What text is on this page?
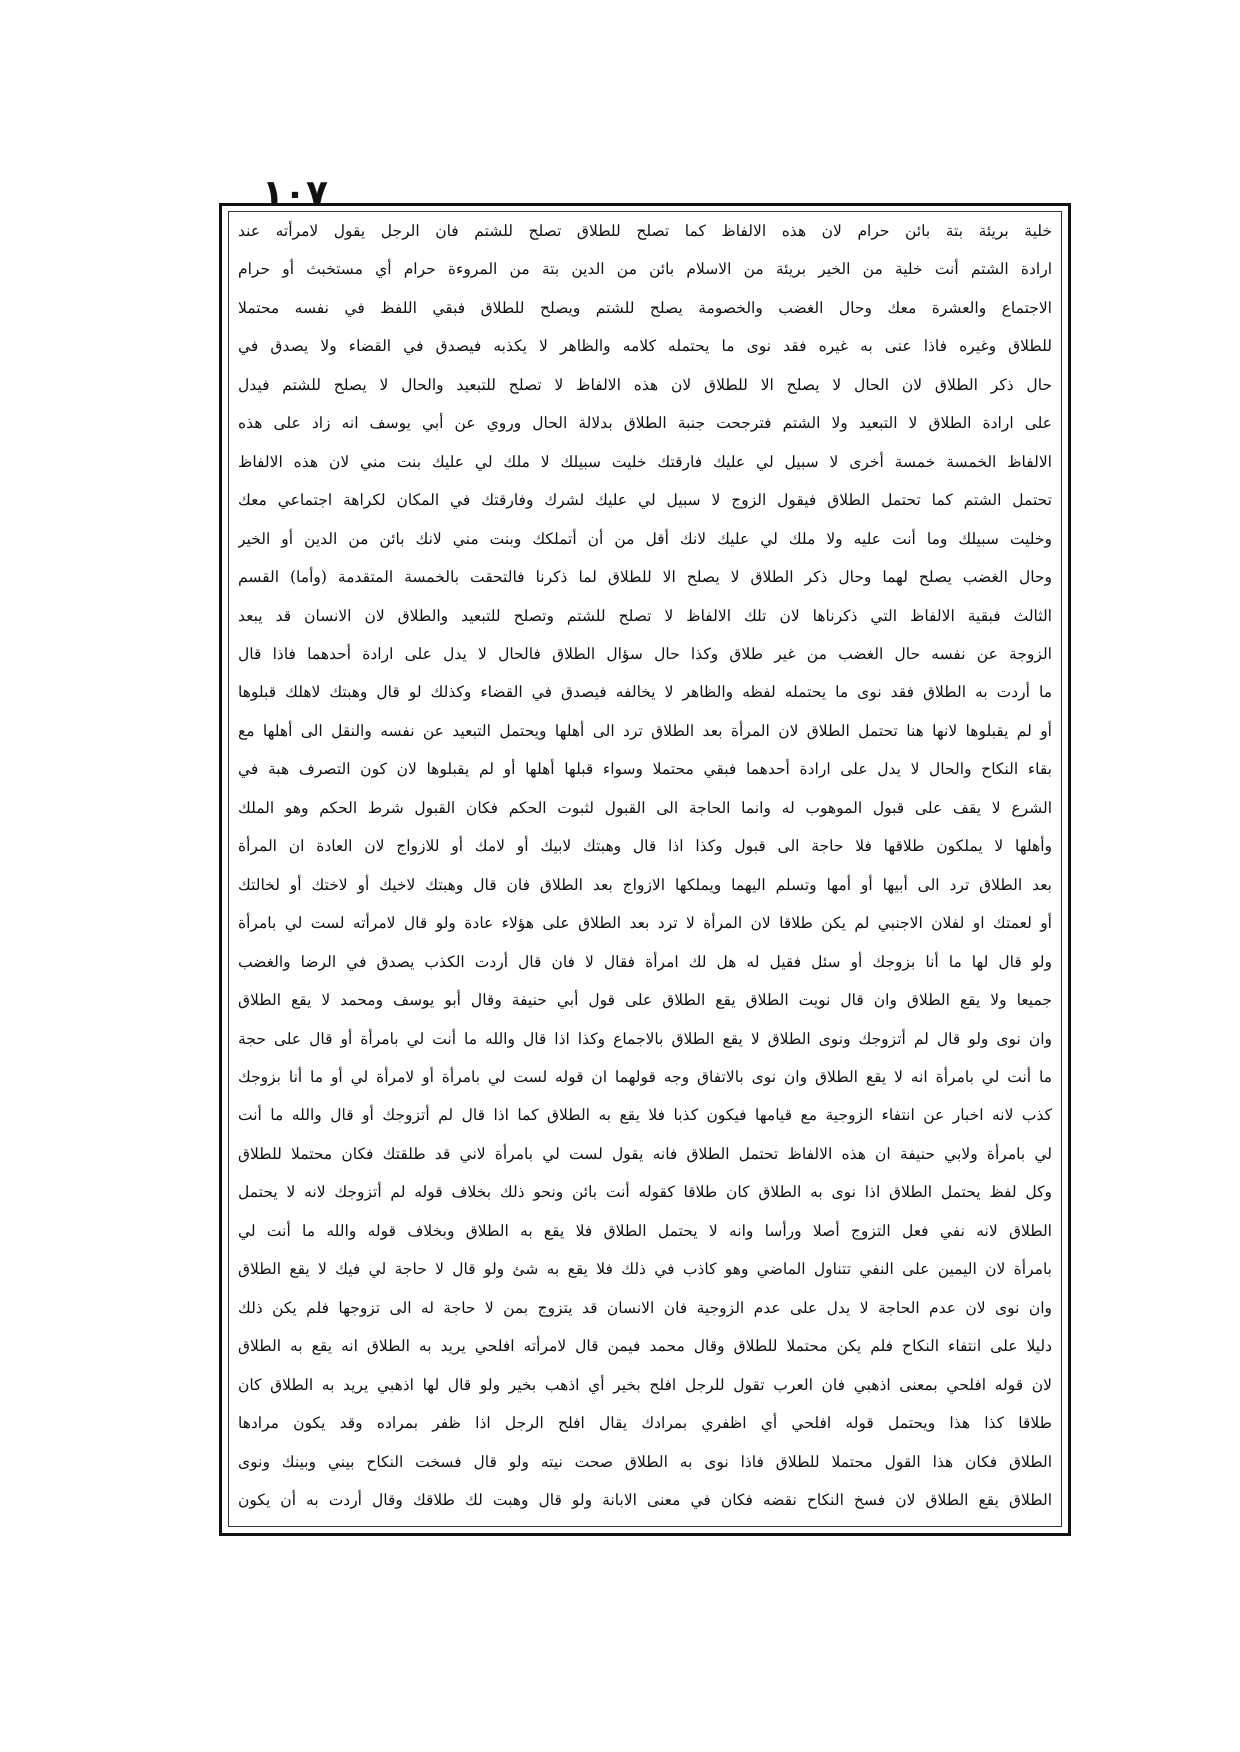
١٠٧
خلية بريئة بتة بائن حرام لان هذه الالفاظ كما تصلح للطلاق تصلح للشتم فان الرجل يقول لامرأته عند
ارادة الشتم أنت خلية من الخير بريئة من الاسلام بائن من الدين بتة من المروءة حرام أي مستخبث أو حرام
الاجتماع والعشرة معك وحال الغضب والخصومة يصلح للشتم ويصلح للطلاق فبقي اللفظ في نفسه محتملا
للطلاق وغيره فاذا عنى به غيره فقد نوى ما يحتمله كلامه والظاهر لا يكذبه فيصدق في القضاء ولا يصدق في
حال ذكر الطلاق لان الحال لا يصلح الا للطلاق لان هذه الالفاظ لا تصلح للتبعيد والحال لا يصلح للشتم فيدل
على ارادة الطلاق لا التبعيد ولا الشتم فترجحت جنبة الطلاق بدلالة الحال وروي عن أبي يوسف انه زاد على هذه
الالفاظ الخمسة خمسة أخرى لا سبيل لي عليك فارقتك خليت سبيلك لا ملك لي عليك بنت مني لان هذه الالفاظ
تحتمل الشتم كما تحتمل الطلاق فيقول الزوج لا سبيل لي عليك لشرك وفارقتك في المكان لكراهة اجتماعي معك
وخليت سبيلك وما أنت عليه ولا ملك لي عليك لانك أقل من أن أتملكك وبنت مني لانك بائن من الدين أو الخير
وحال الغضب يصلح لهما وحال ذكر الطلاق لا يصلح الا للطلاق لما ذكرنا فالتحقت بالخمسة المتقدمة (وأما) القسم
الثالث فبقية الالفاظ التي ذكرناها لان تلك الالفاظ لا تصلح للشتم وتصلح للتبعيد والطلاق لان الانسان قد يبعد
الزوجة عن نفسه حال الغضب من غير طلاق وكذا حال سؤال الطلاق فالحال لا يدل على ارادة أحدهما فاذا قال
ما أردت به الطلاق فقد نوى ما يحتمله لفظه والظاهر لا يخالفه فيصدق في القضاء وكذلك لو قال وهبتك لاهلك قبلوها
أو لم يقبلوها لانها هنا تحتمل الطلاق لان المرأة بعد الطلاق ترد الى أهلها ويحتمل التبعيد عن نفسه والنقل الى أهلها مع
بقاء النكاح والحال لا يدل على ارادة أحدهما فبقي محتملا وسواء قبلها أهلها أو لم يقبلوها لان كون التصرف هبة في
الشرع لا يقف على قبول الموهوب له وانما الحاجة الى القبول لثبوت الحكم فكان القبول شرط الحكم وهو الملك
وأهلها لا يملكون طلاقها فلا حاجة الى قبول وكذا اذا قال وهبتك لابيك أو لامك أو للازواج لان العادة ان المرأة
بعد الطلاق ترد الى أبيها أو أمها وتسلم اليهما ويملكها الازواج بعد الطلاق فان قال وهبتك لاخيك أو لاختك أو لخالتك
أو لعمتك او لفلان الاجنبي لم يكن طلاقا لان المرأة لا ترد بعد الطلاق على هؤلاء عادة ولو قال لامرأته لست لي بامرأة
ولو قال لها ما أنا بزوجك أو سئل فقيل له هل لك امرأة فقال لا فان قال أردت الكذب يصدق في الرضا والغضب
جميعا ولا يقع الطلاق وان قال نويت الطلاق يقع الطلاق على قول أبي حنيفة وقال أبو يوسف ومحمد لا يقع الطلاق
وان نوى ولو قال لم أتزوجك ونوى الطلاق لا يقع الطلاق بالاجماع وكذا اذا قال والله ما أنت لي بامرأة أو قال على حجة
ما أنت لي بامرأة انه لا يقع الطلاق وان نوى بالاتفاق وجه قولهما ان قوله لست لي بامرأة أو لامرأة لي أو ما أنا بزوجك
كذب لانه اخبار عن انتفاء الزوجية مع قيامها فيكون كذبا فلا يقع به الطلاق كما اذا قال لم أتزوجك أو قال والله ما أنت
لي بامرأة ولابي حنيفة ان هذه الالفاظ تحتمل الطلاق فانه يقول لست لي بامرأة لاني قد طلقتك فكان محتملا للطلاق
وكل لفظ يحتمل الطلاق اذا نوى به الطلاق كان طلاقا كقوله أنت بائن ونحو ذلك بخلاف قوله لم أتزوجك لانه لا يحتمل
الطلاق لانه نفي فعل التزوج أصلا ورأسا وانه لا يحتمل الطلاق فلا يقع به الطلاق وبخلاف قوله والله ما أنت لي
بامرأة لان اليمين على النفي تتناول الماضي وهو كاذب في ذلك فلا يقع به شئ ولو قال لا حاجة لي فيك لا يقع الطلاق
وان نوى لان عدم الحاجة لا يدل على عدم الزوجية فان الانسان قد يتزوج بمن لا حاجة له الى تزوجها فلم يكن ذلك
دليلا على انتفاء النكاح فلم يكن محتملا للطلاق وقال محمد فيمن قال لامرأته افلحي يريد به الطلاق انه يقع به الطلاق
لان قوله افلحي بمعنى اذهبي فان العرب تقول للرجل افلح بخير أي اذهب بخير ولو قال لها اذهبي يريد به الطلاق كان
طلاقا كذا هذا ويحتمل قوله افلحي أي اظفري بمرادك يقال افلح الرجل اذا ظفر بمراده وقد يكون مرادها
الطلاق فكان هذا القول محتملا للطلاق فاذا نوى به الطلاق صحت نيته ولو قال فسخت النكاح بيني وبينك ونوى
الطلاق يقع الطلاق لان فسخ النكاح نقضه فكان في معنى الابانة ولو قال وهبت لك طلاقك وقال أردت به أن يكون
